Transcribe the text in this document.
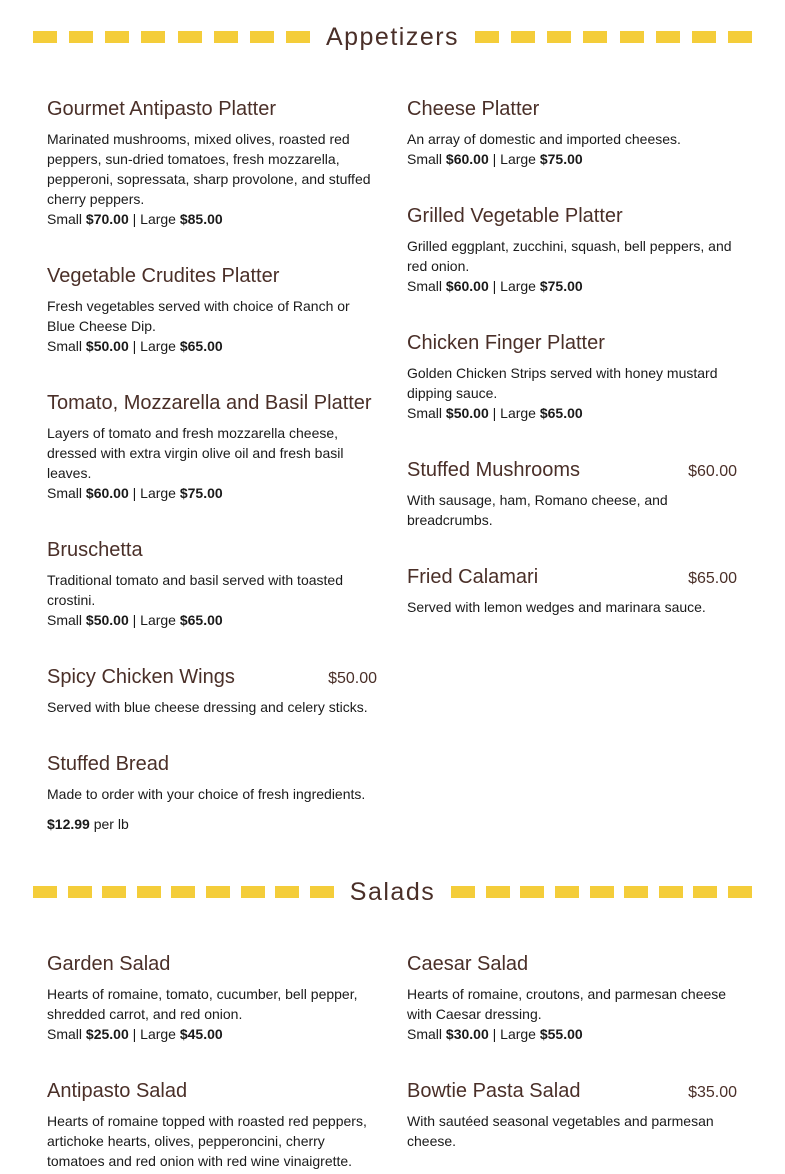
Appetizers
Gourmet Antipasto Platter
Marinated mushrooms, mixed olives, roasted red peppers, sun-dried tomatoes, fresh mozzarella, pepperoni, sopressata, sharp provolone, and stuffed cherry peppers.
Small $70.00 | Large $85.00
Vegetable Crudites Platter
Fresh vegetables served with choice of Ranch or Blue Cheese Dip.
Small $50.00 | Large $65.00
Tomato, Mozzarella and Basil Platter
Layers of tomato and fresh mozzarella cheese, dressed with extra virgin olive oil and fresh basil leaves.
Small $60.00 | Large $75.00
Bruschetta
Traditional tomato and basil served with toasted crostini.
Small $50.00 | Large $65.00
Spicy Chicken Wings	$50.00
Served with blue cheese dressing and celery sticks.
Stuffed Bread
Made to order with your choice of fresh ingredients.
$12.99 per lb
Cheese Platter
An array of domestic and imported cheeses.
Small $60.00 | Large $75.00
Grilled Vegetable Platter
Grilled eggplant, zucchini, squash, bell peppers, and red onion.
Small $60.00 | Large $75.00
Chicken Finger Platter
Golden Chicken Strips served with honey mustard dipping sauce.
Small $50.00 | Large $65.00
Stuffed Mushrooms	$60.00
With sausage, ham, Romano cheese, and breadcrumbs.
Fried Calamari	$65.00
Served with lemon wedges and marinara sauce.
Salads
Garden Salad
Hearts of romaine, tomato, cucumber, bell pepper, shredded carrot, and red onion.
Small $25.00 | Large $45.00
Caesar Salad
Hearts of romaine, croutons, and parmesan cheese with Caesar dressing.
Small $30.00 | Large $55.00
Antipasto Salad
Hearts of romaine topped with roasted red peppers, artichoke hearts, olives, pepperoncini, cherry tomatoes and red onion with red wine vinaigrette.
Bowtie Pasta Salad	$35.00
With sautéed seasonal vegetables and parmesan cheese.
